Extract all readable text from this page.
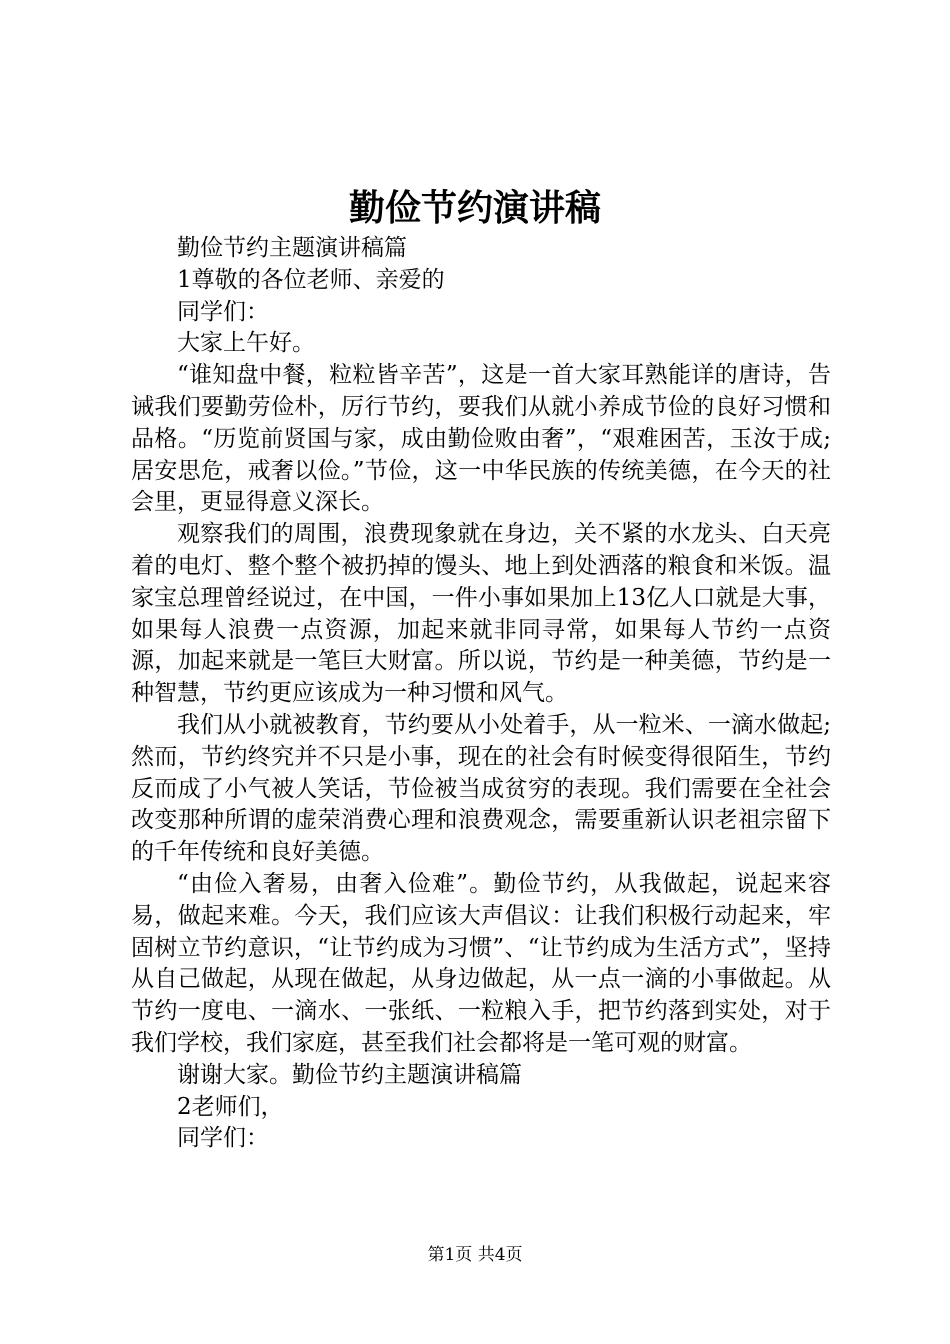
勤俭节约演讲稿

勤俭节约主题演讲稿篇

1尊敬的各位老师、亲爱的

同学们：

大家上午好。

“谁知盘中餐，粒粒皆辛苦”，这是一首大家耳熟能详的唐诗，告诫我们要勤劳俭朴，厉行节约，要我们从就小养成节俭的良好习惯和品格。“历览前贤国与家，成由勤俭败由奢”，“艰难困苦，玉汝于成;居安思危，戒奢以俭。”节俭，这一中华民族的传统美德，在今天的社会里，更显得意义深长。

观察我们的周围，浪费现象就在身边，关不紧的水龙头、白天亮着的电灯、整个整个被扔掉的馒头、地上到处洒落的粮食和米饭。温家宝总理曾经说过，在中国，一件小事如果加上13亿人口就是大事，如果每人浪费一点资源，加起来就非同寻常，如果每人节约一点资源，加起来就是一笔巨大财富。所以说，节约是一种美德，节约是一种智慧，节约更应该成为一种习惯和风气。

我们从小就被教育，节约要从小处着手，从一粒米、一滴水做起;然而，节约终究并不只是小事，现在的社会有时候变得很陌生，节约反而成了小气被人笑话，节俭被当成贫穷的表现。我们需要在全社会改变那种所谓的虚荣消费心理和浪费观念，需要重新认识老祖宗留下的千年传统和良好美德。

“由俭入奢易，由奢入俭难”。勤俭节约，从我做起，说起来容易，做起来难。今天，我们应该大声倡议：让我们积极行动起来，牢固树立节约意识，“让节约成为习惯”、“让节约成为生活方式”，坚持从自己做起，从现在做起，从身边做起，从一点一滴的小事做起。从节约一度电、一滴水、一张纸、一粒粮入手，把节约落到实处，对于我们学校，我们家庭，甚至我们社会都将是一笔可观的财富。

谢谢大家。勤俭节约主题演讲稿篇

2老师们，

同学们：

第1页 共4页
